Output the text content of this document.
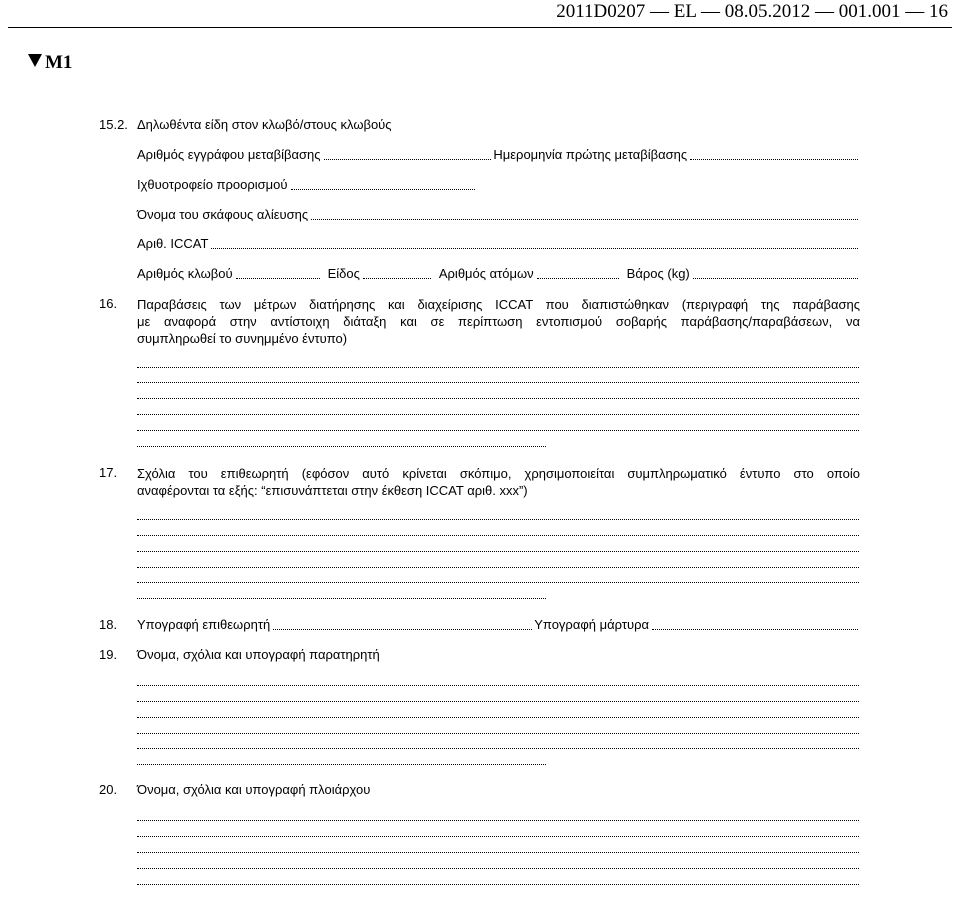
2011D0207 — EL — 08.05.2012 — 001.001 — 16
M1
15.2. Δηλωθέντα είδη στον κλωβό/στους κλωβούς
Αριθμός εγγράφου μεταβίβασης	Ημερομηνία πρώτης μεταβίβασης
Ιχθυοτροφείο προορισμού
Όνομα του σκάφους αλίευσης
Αριθ. ICCAT
Αριθμός κλωβού	Είδος	Αριθμός ατόμων	Βάρος (kg)
16. Παραβάσεις των μέτρων διατήρησης και διαχείρισης ICCAT που διαπιστώθηκαν (περιγραφή της παράβασης
με αναφορά στην αντίστοιχη διάταξη και σε περίπτωση εντοπισμού σοβαρής παράβασης/παραβάσεων, να
συμπληρωθεί το συνημμένο έντυπο)
17. Σχόλια του επιθεωρητή (εφόσον αυτό κρίνεται σκόπιμο, χρησιμοποιείται συμπληρωματικό έντυπο στο οποίο
αναφέρονται τα εξής: “επισυνάπτεται στην έκθεση ICCAT αριθ. xxx”)
18. Υπογραφή επιθεωρητή	Υπογραφή μάρτυρα
19. Όνομα, σχόλια και υπογραφή παρατηρητή
20. Όνομα, σχόλια και υπογραφή πλοιάρχου
